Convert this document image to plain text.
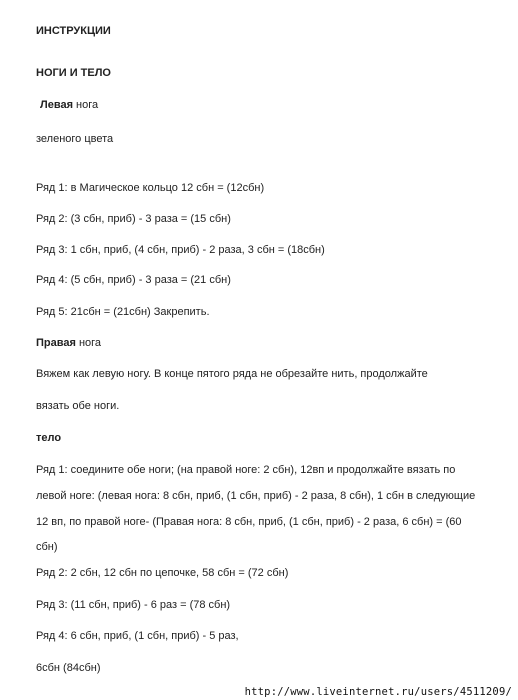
ИНСТРУКЦИИ

НОГИ И ТЕЛО

Левая нога

зеленого цвета

Ряд 1: в Магическое кольцо 12 сбн = (12сбн)

Ряд 2: (3 сбн, приб) - 3 раза = (15 сбн)

Ряд 3: 1 сбн, приб, (4 сбн, приб) - 2 раза, 3 сбн = (18сбн)

Ряд 4: (5 сбн, приб) - 3 раза = (21 сбн)

Ряд 5: 21сбн = (21сбн) Закрепить.

Правая нога

Вяжем как левую ногу. В конце пятого ряда не обрезайте нить, продолжайте

вязать обе ноги.

тело

Ряд 1: соедините обе ноги; (на правой ноге: 2 сбн), 12вп и продолжайте вязать по

левой ноге: (левая нога: 8 сбн, приб, (1 сбн, приб) - 2 раза, 8 сбн), 1 сбн в следующие

12 вп, по правой ноге- (Правая нога: 8 сбн, приб, (1 сбн, приб) - 2 раза, 6 сбн) = (60

сбн)

Ряд 2: 2 сбн, 12 сбн по цепочке, 58 сбн = (72 сбн)

Ряд 3: (11 сбн, приб) - 6 раз = (78 сбн)

Ряд 4: 6 сбн, приб, (1 сбн, приб) - 5 раз,

6сбн (84сбн)

http://www.liveinternet.ru/users/4511209/
